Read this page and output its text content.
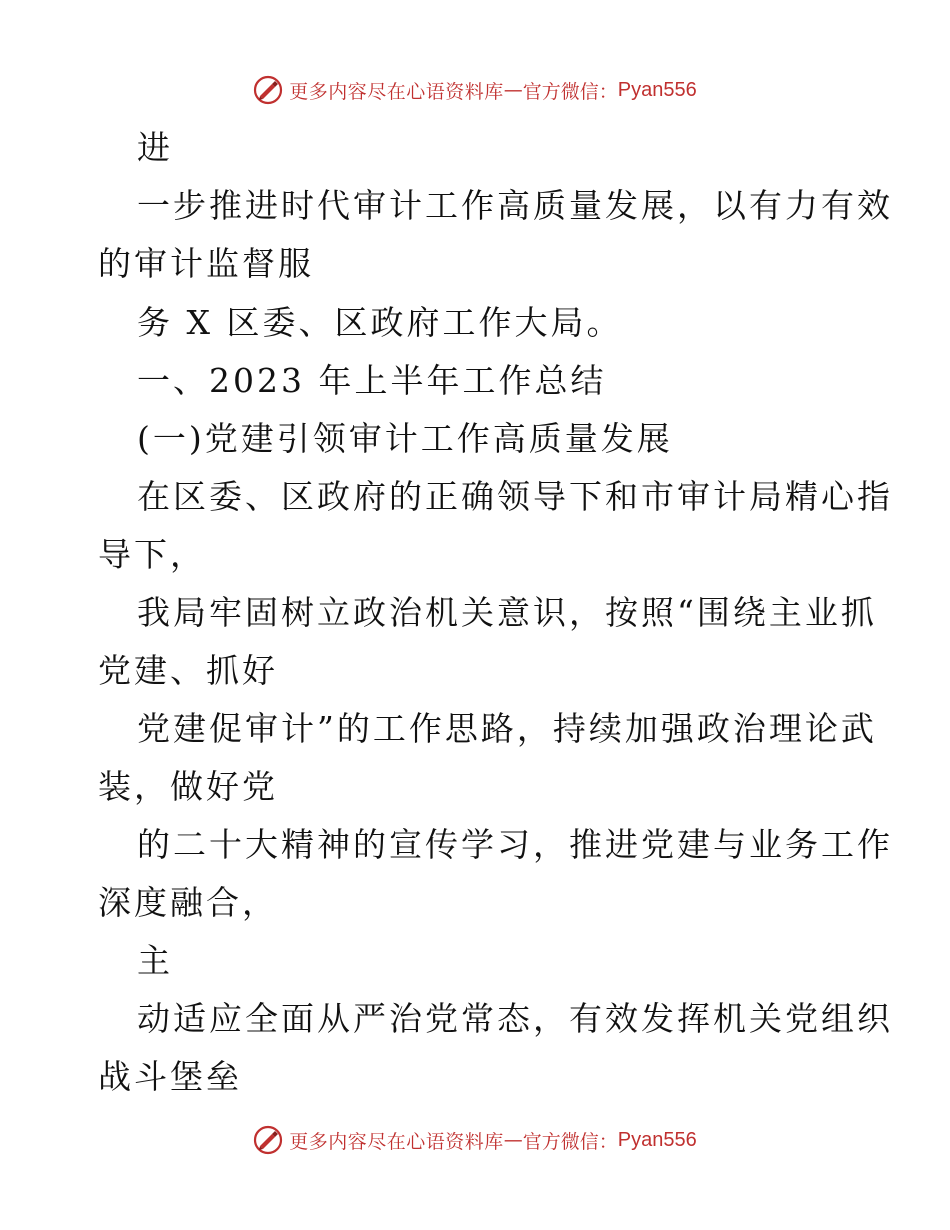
更多内容尽在心语资料库 — 官方微信： Pyan556
进
一步推进时代审计工作高质量发展，以有力有效
的审计监督服
务 X 区委、区政府工作大局。
一、2023 年上半年工作总结
(一)党建引领审计工作高质量发展
在区委、区政府的正确领导下和市审计局精心指
导下，
我局牢固树立政治机关意识，按照“围绕主业抓
党建、抓好
党建促审计”的工作思路，持续加强政治理论武
装，做好党
的二十大精神的宣传学习，推进党建与业务工作
深度融合，
主
动适应全面从严治党常态，有效发挥机关党组织
战斗堡垒
更多内容尽在心语资料库 — 官方微信： Pyan556
